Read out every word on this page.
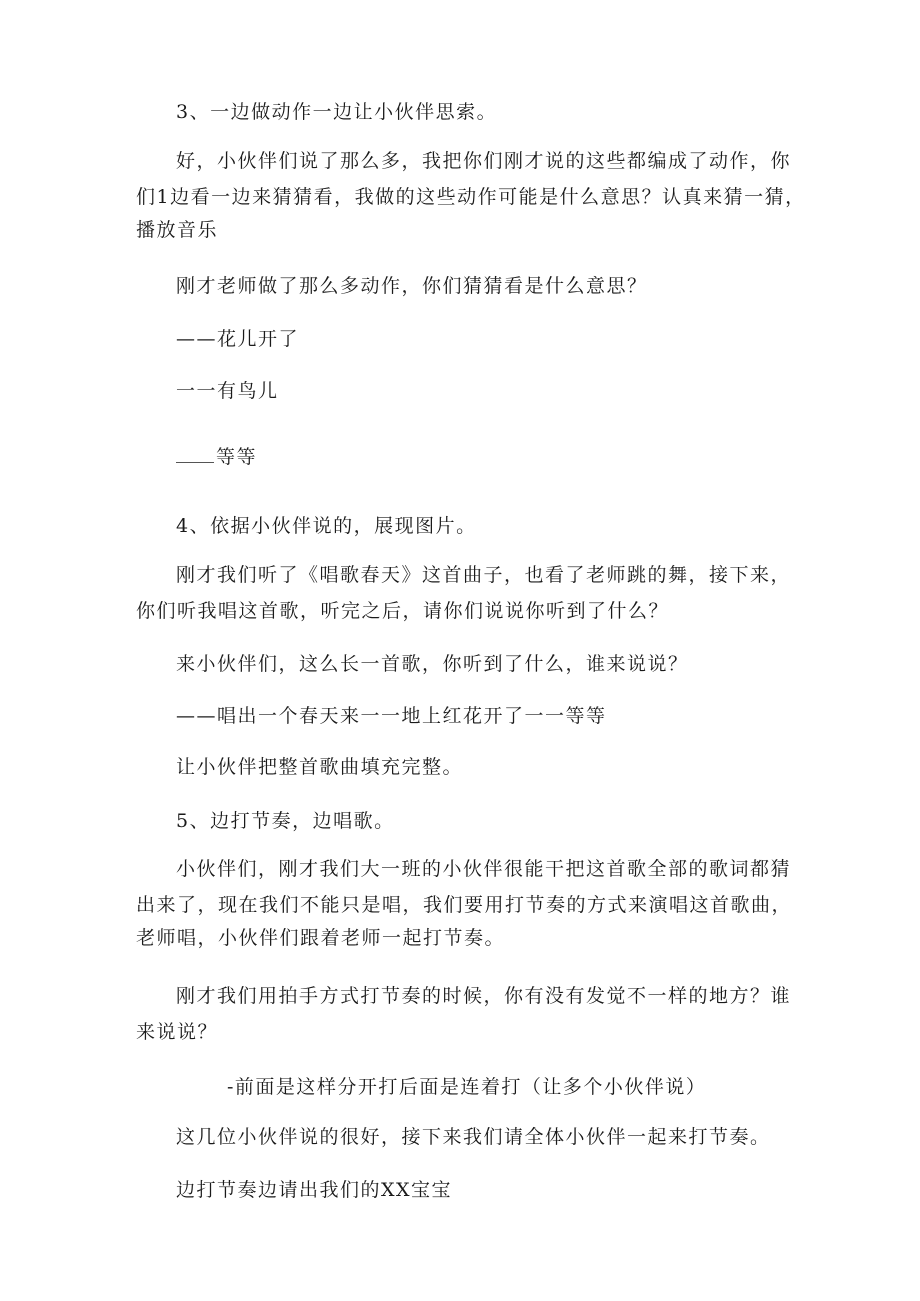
3、一边做动作一边让小伙伴思索。

好，小伙伴们说了那么多，我把你们刚才说的这些都编成了动作，你

们1边看一边来猜猜看，我做的这些动作可能是什么意思？认真来猜一猜，
播放音乐

刚才老师做了那么多动作，你们猜猜看是什么意思？

——花儿开了

一一有鸟儿

等等

4、依据小伙伴说的，展现图片。

刚才我们听了《唱歌春天》这首曲子，也看了老师跳的舞，接下来，

你们听我唱这首歌，听完之后，请你们说说你听到了什么？

来小伙伴们，这么长一首歌，你听到了什么，谁来说说？

——唱出一个春天来一一地上红花开了一一等等

让小伙伴把整首歌曲填充完整。

5、边打节奏，边唱歌。

小伙伴们，刚才我们大一班的小伙伴很能干把这首歌全部的歌词都猜

出来了，现在我们不能只是唱，我们要用打节奏的方式来演唱这首歌曲，
老师唱，小伙伴们跟着老师一起打节奏。

刚才我们用拍手方式打节奏的时候，你有没有发觉不一样的地方？谁

来说说？

-前面是这样分开打后面是连着打（让多个小伙伴说）

这几位小伙伴说的很好，接下来我们请全体小伙伴一起来打节奏。

边打节奏边请出我们的XX宝宝
